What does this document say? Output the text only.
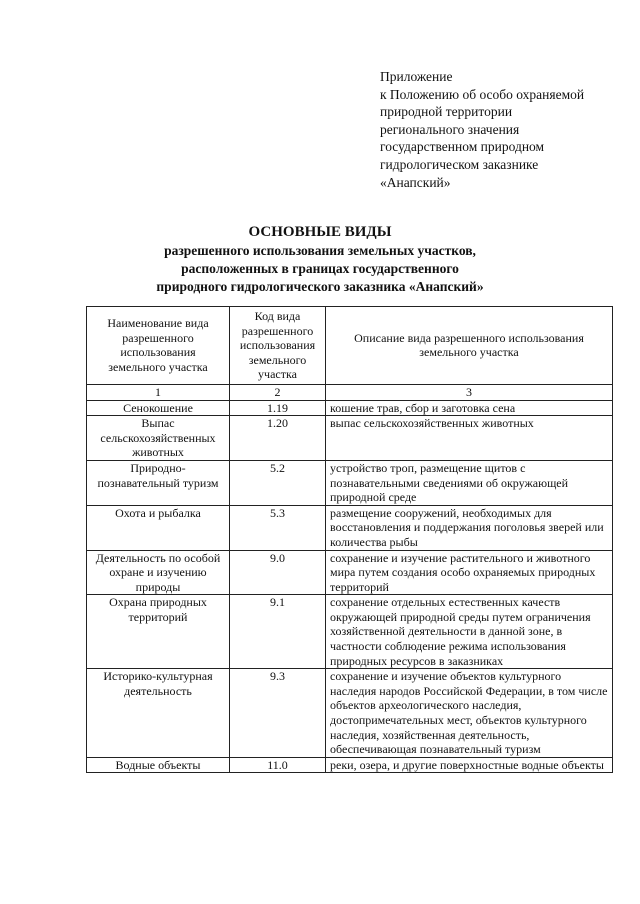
Приложение
к Положению об особо охраняемой
природной территории
регионального значения
государственном природном
гидрологическом заказнике
«Анапский»
ОСНОВНЫЕ ВИДЫ
разрешенного использования земельных участков,
расположенных в границах государственного
природного гидрологического заказника «Анапский»
Наименование вида разрешенного использования земельного участка	Код вида разрешенного использования земельного участка	Описание вида разрешенного использования земельного участка
1	2	3
Сенокошение	1.19	кошение трав, сбор и заготовка сена
Выпас сельскохозяйственных животных	1.20	выпас сельскохозяйственных животных
Природно-познавательный туризм	5.2	устройство троп, размещение щитов с познавательными сведениями об окружающей природной среде
Охота и рыбалка	5.3	размещение сооружений, необходимых для восстановления и поддержания поголовья зверей или количества рыбы
Деятельность по особой охране и изучению природы	9.0	сохранение и изучение растительного и животного мира путем создания особо охраняемых природных территорий
Охрана природных территорий	9.1	сохранение отдельных естественных качеств окружающей природной среды путем ограничения хозяйственной деятельности в данной зоне, в частности соблюдение режима использования природных ресурсов в заказниках
Историко-культурная деятельность	9.3	сохранение и изучение объектов культурного наследия народов Российской Федерации, в том числе объектов археологического наследия, достопримечательных мест, объектов культурного наследия, хозяйственная деятельность, обеспечивающая познавательный туризм
Водные объекты	11.0	реки, озера, и другие поверхностные водные объекты
